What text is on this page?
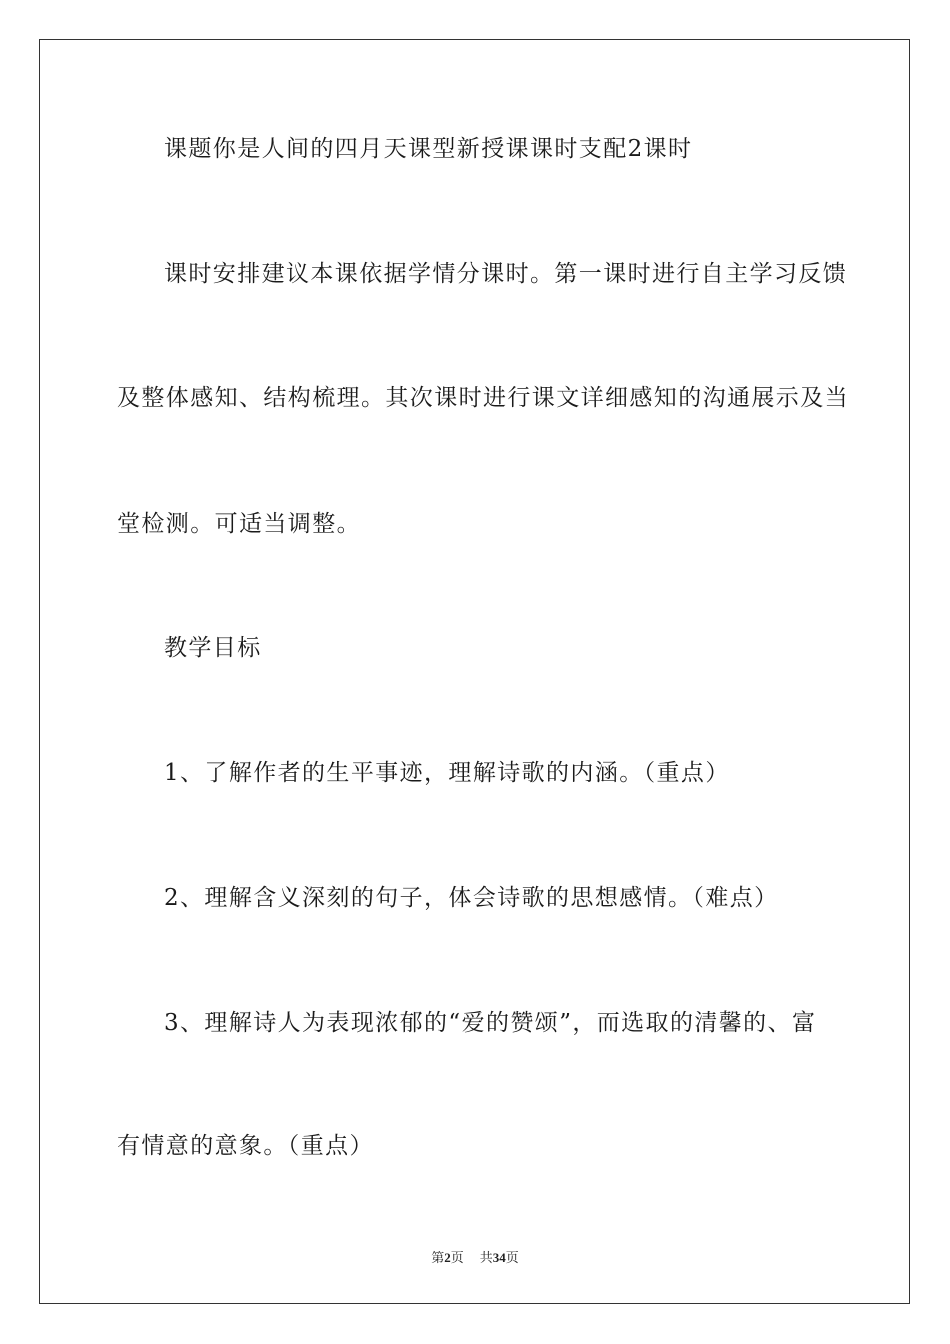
课题你是人间的四月天课型新授课课时支配2课时
课时安排建议本课依据学情分课时。第一课时进行自主学习反馈
及整体感知、结构梳理。其次课时进行课文详细感知的沟通展示及当
堂检测。可适当调整。
教学目标
1、了解作者的生平事迹，理解诗歌的内涵。（重点）
2、理解含义深刻的句子，体会诗歌的思想感情。（难点）
3、理解诗人为表现浓郁的“爱的赞颂”，而选取的清馨的、富
有情意的意象。（重点）
第2页 共34页
